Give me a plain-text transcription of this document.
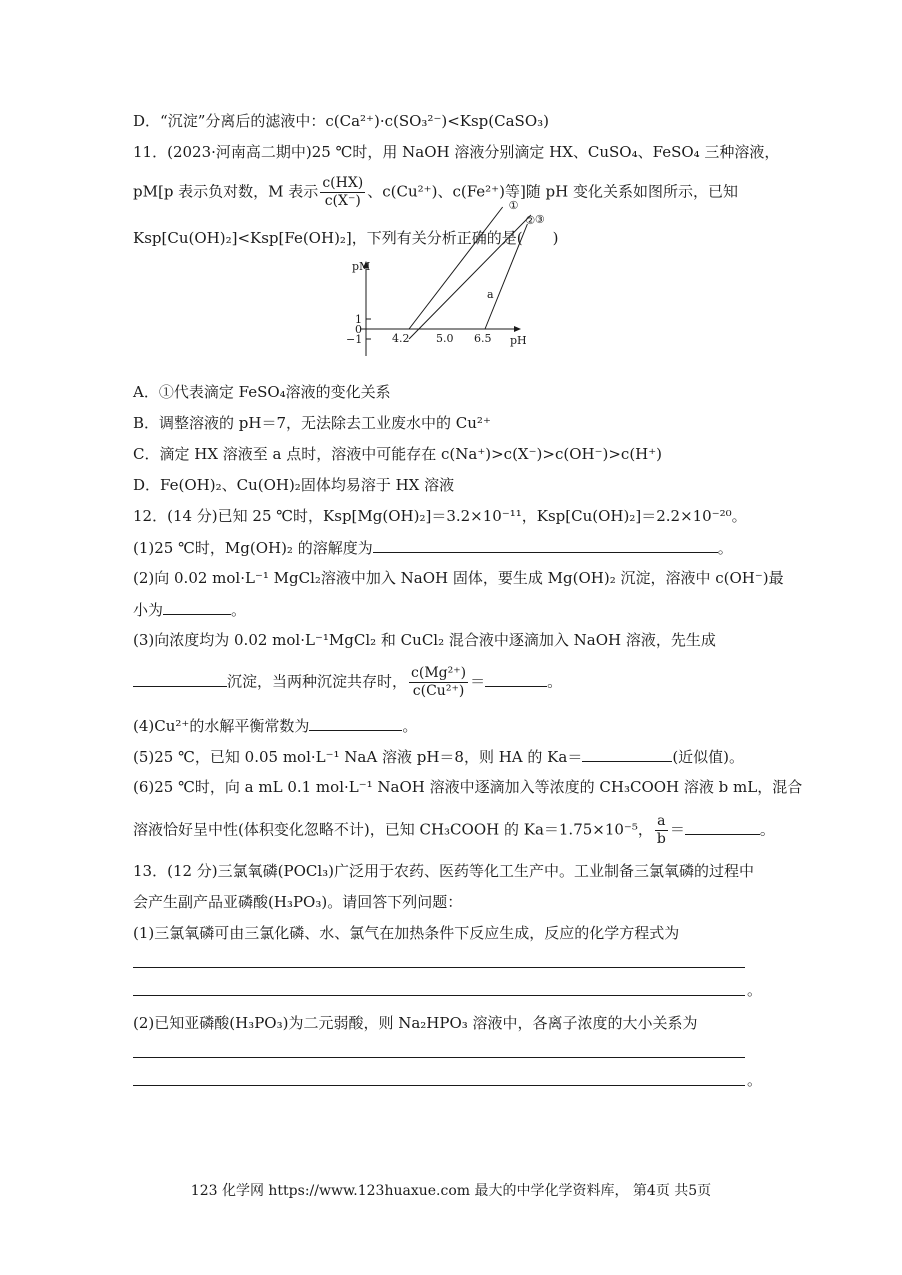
D．“沉淀”分离后的滤液中：c(Ca²⁺)·c(SO₃²⁻)<Ksp(CaSO₃)
11．(2023·河南高二期中)25 ℃时，用 NaOH 溶液分别滴定 HX、CuSO₄、FeSO₄ 三种溶液，
pM[p 表示负对数，M 表示 $\frac{c(HX)}{c(X^-)}$ 、c(Cu²⁺)、c(Fe²⁺)等]随 pH 变化关系如图所示，已知
Ksp[Cu(OH)₂]<Ksp[Fe(OH)₂]，下列有关分析正确的是(　　)
pM
pH
1
0
−1	4.2 5.0 6.5
①
② ③
a
A．①代表滴定 FeSO₄溶液的变化关系
B．调整溶液的 pH＝7，无法除去工业废水中的 Cu²⁺
C．滴定 HX 溶液至 a 点时，溶液中可能存在 c(Na⁺)>c(X⁻)>c(OH⁻)>c(H⁺)
D．Fe(OH)₂、Cu(OH)₂固体均易溶于 HX 溶液
12．(14 分)已知 25 ℃时，Ksp[Mg(OH)₂]＝3.2×10⁻¹¹，Ksp[Cu(OH)₂]＝2.2×10⁻²⁰。
(1)25 ℃时，Mg(OH)₂ 的溶解度为	。
(2)向 0.02 mol·L⁻¹ MgCl₂溶液中加入 NaOH 固体，要生成 Mg(OH)₂ 沉淀，溶液中 c(OH⁻)最
小为	。
(3)向浓度均为 0.02 mol·L⁻¹MgCl₂ 和 CuCl₂ 混合液中逐滴加入 NaOH 溶液，先生成
沉淀，当两种沉淀共存时， $\frac{\text{c(Mg²⁺)}}{\text{c(Cu²⁺)}}$ ＝	。
(4)Cu²⁺的水解平衡常数为	。
(5)25 ℃，已知 0.05 mol·L⁻¹ NaA 溶液 pH＝8，则 HA 的 Ka＝	(近似值)。
(6)25 ℃时，向 a mL 0.1 mol·L⁻¹ NaOH 溶液中逐滴加入等浓度的 CH₃COOH 溶液 b mL，混合
溶液恰好呈中性(体积变化忽略不计)，已知 CH₃COOH 的 Ka＝1.75×10⁻⁵， $\frac{a}{b}$ ＝	。
13．(12 分)三氯氧磷(POCl₃)广泛用于农药、医药等化工生产中。工业制备三氯氧磷的过程中
会产生副产品亚磷酸(H₃PO₃)。请回答下列问题：
(1)三氯氧磷可由三氯化磷、水、氯气在加热条件下反应生成，反应的化学方程式为
。
(2)已知亚磷酸(H₃PO₃)为二元弱酸，则 Na₂HPO₃ 溶液中，各离子浓度的大小关系为
。
123 化学网 https://www.123huaxue.com 最大的中学化学资料库， 第4页 共5页
